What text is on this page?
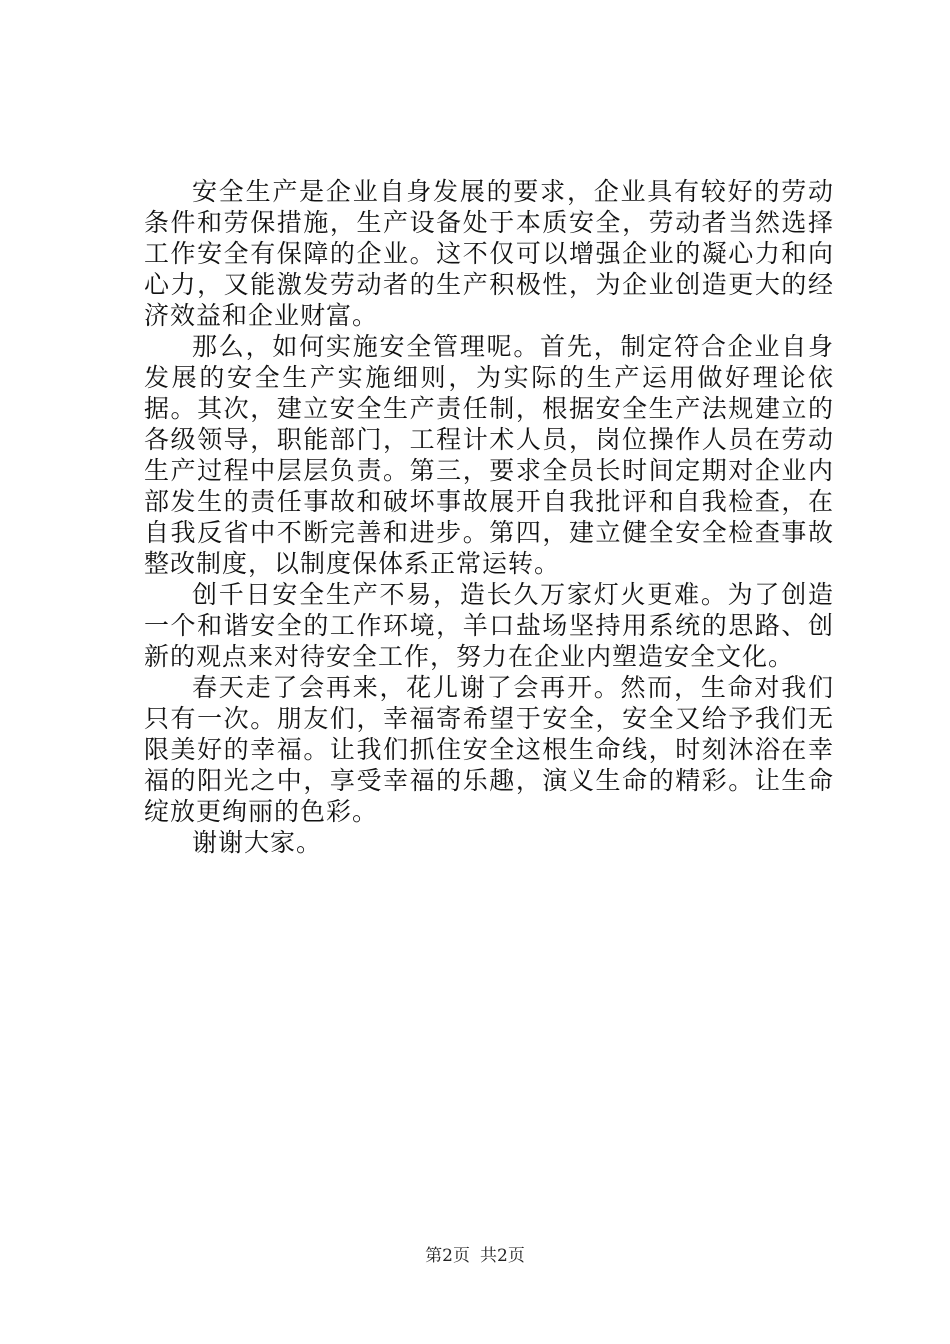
安全生产是企业自身发展的要求，企业具有较好的劳动条件和劳保措施，生产设备处于本质安全，劳动者当然选择工作安全有保障的企业。这不仅可以增强企业的凝心力和向心力，又能激发劳动者的生产积极性，为企业创造更大的经济效益和企业财富。

那么，如何实施安全管理呢。首先，制定符合企业自身发展的安全生产实施细则，为实际的生产运用做好理论依据。其次，建立安全生产责任制，根据安全生产法规建立的各级领导，职能部门，工程计术人员，岗位操作人员在劳动生产过程中层层负责。第三，要求全员长时间定期对企业内部发生的责任事故和破坏事故展开自我批评和自我检查，在自我反省中不断完善和进步。第四，建立健全安全检查事故整改制度，以制度保体系正常运转。

创千日安全生产不易，造长久万家灯火更难。为了创造一个和谐安全的工作环境，羊口盐场坚持用系统的思路、创新的观点来对待安全工作，努力在企业内塑造安全文化。

春天走了会再来，花儿谢了会再开。然而，生命对我们只有一次。朋友们，幸福寄希望于安全，安全又给予我们无限美好的幸福。让我们抓住安全这根生命线，时刻沐浴在幸福的阳光之中，享受幸福的乐趣，演义生命的精彩。让生命绽放更绚丽的色彩。

谢谢大家。

第2页 共2页
